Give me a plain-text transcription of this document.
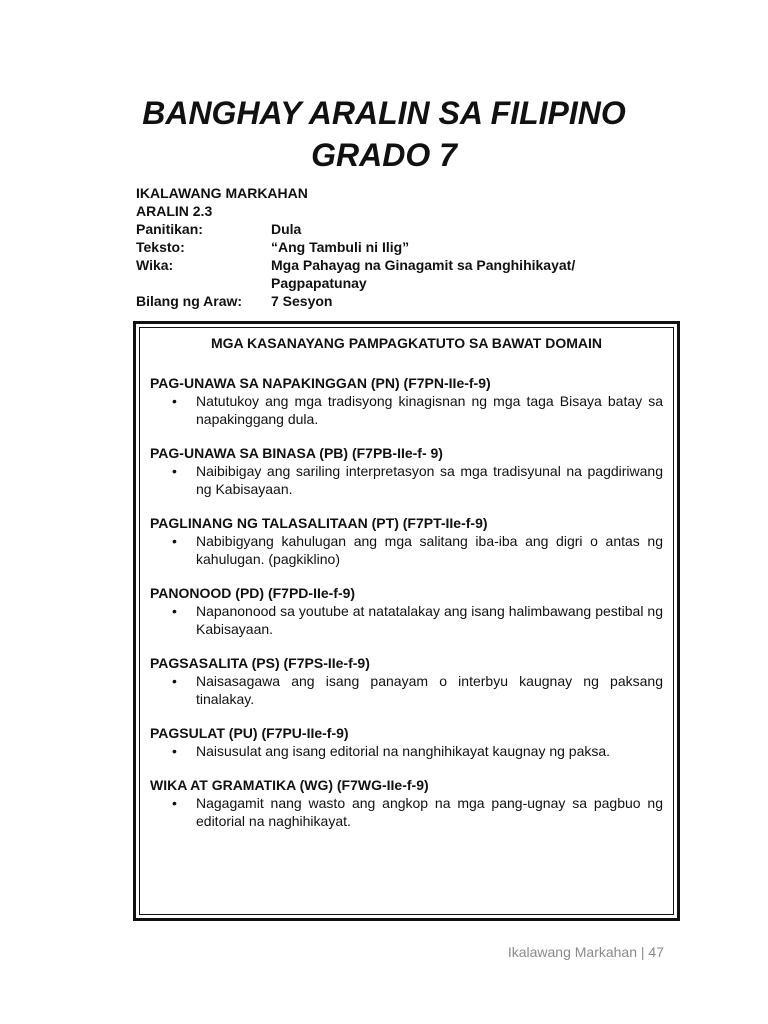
BANGHAY ARALIN SA FILIPINO
GRADO 7
IKALAWANG MARKAHAN
ARALIN 2.3
Panitikan:	Dula
Teksto:	“Ang Tambuli ni Ilig”
Wika:	Mga Pahayag na Ginagamit sa Panghihikayat/ Pagpapatunay
Bilang ng Araw:	7 Sesyon

MGA KASANAYANG PAMPAGKATUTO SA BAWAT DOMAIN

PAG-UNAWA SA NAPAKINGGAN (PN) (F7PN-IIe-f-9)

• Natutukoy ang mga tradisyong kinagisnan ng mga taga Bisaya batay sa napakinggang dula.

PAG-UNAWA SA BINASA (PB) (F7PB-IIe-f- 9)

• Naibibigay ang sariling interpretasyon sa mga tradisyunal na pagdiriwang ng Kabisayaan.

PAGLINANG NG TALASALITAAN (PT) (F7PT-IIe-f-9)

• Nabibigyang kahulugan ang mga salitang iba-iba ang digri o antas ng kahulugan. (pagkiklino)

PANONOOD (PD) (F7PD-IIe-f-9)

• Napanonood sa youtube at natatalakay ang isang halimbawang pestibal ng Kabisayaan.

PAGSASALITA (PS) (F7PS-IIe-f-9)

• Naisasagawa ang isang panayam o interbyu kaugnay ng paksang tinalakay.

PAGSULAT (PU) (F7PU-IIe-f-9)

• Naisusulat ang isang editorial na nanghihikayat kaugnay ng paksa.

WIKA AT GRAMATIKA (WG) (F7WG-IIe-f-9)

• Nagagamit nang wasto ang angkop na mga pang-ugnay sa pagbuo ng editorial na naghihikayat.
Ikalawang Markahan | 47
